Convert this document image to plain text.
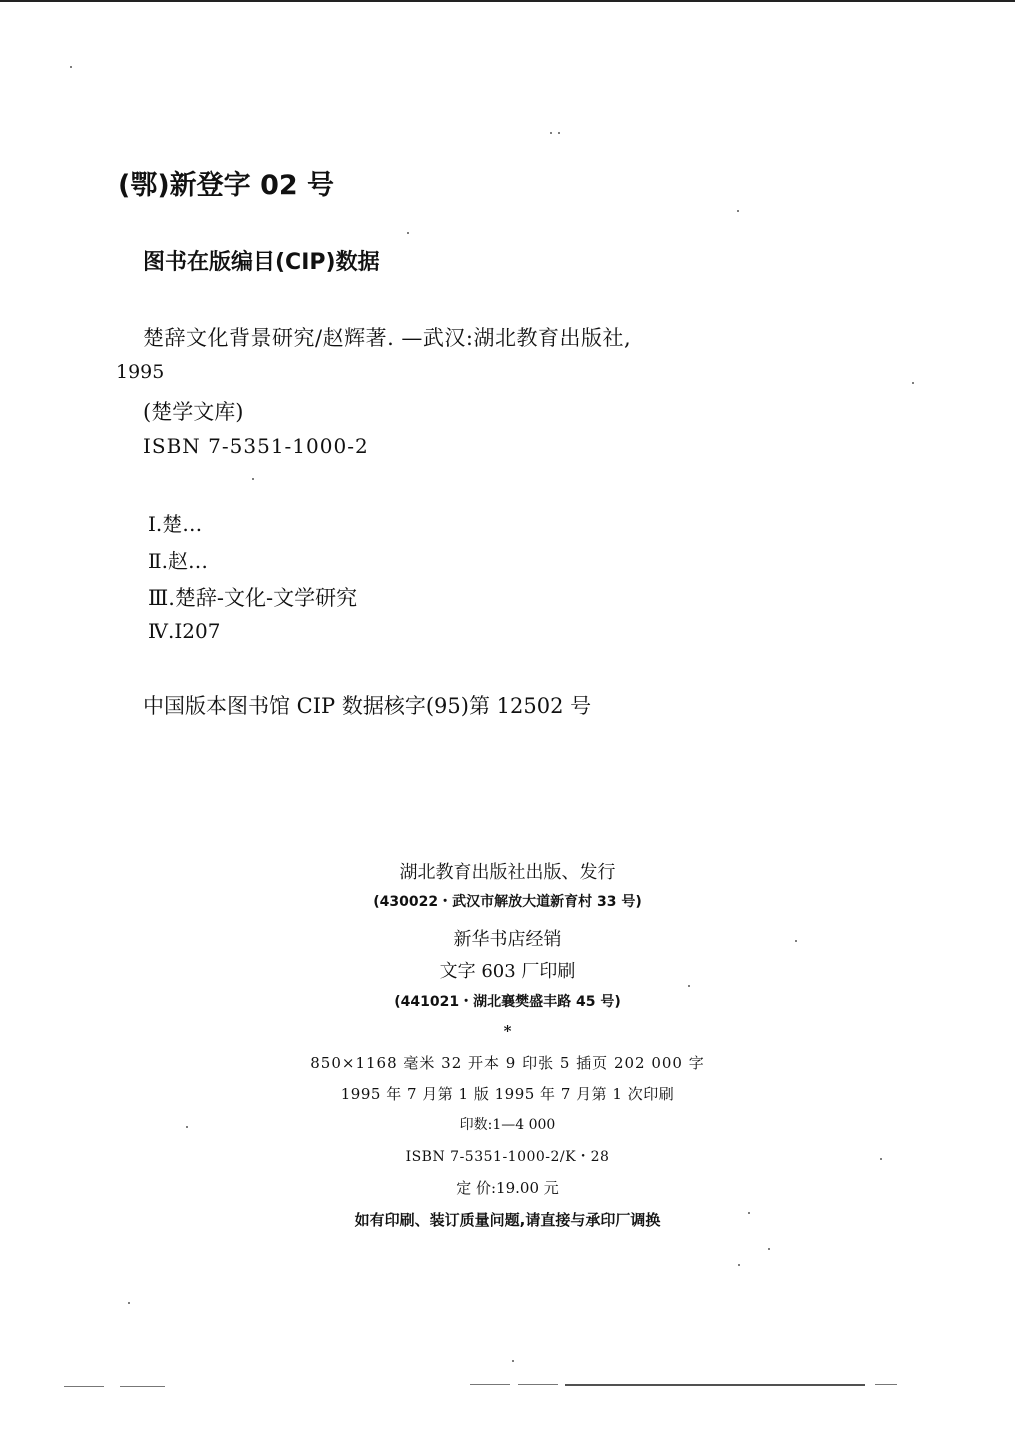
(鄂)新登字 02 号

图书在版编目(CIP)数据

楚辞文化背景研究/赵辉著. —武汉:湖北教育出版社,

1995

(楚学文库)

ISBN 7-5351-1000-2

Ⅰ.楚…

Ⅱ.赵…

Ⅲ.楚辞-文化-文学研究

Ⅳ.I207

中国版本图书馆 CIP 数据核字(95)第 12502 号

湖北教育出版社出版、发行

(430022・武汉市解放大道新育村 33 号)

新华书店经销

文字 603 厂印刷

(441021・湖北襄樊盛丰路 45 号)

*

850×1168 毫米 32 开本 9 印张 5 插页 202 000 字

1995 年 7 月第 1 版 1995 年 7 月第 1 次印刷

印数:1—4 000

ISBN 7-5351-1000-2/K・28

定 价:19.00 元

如有印刷、装订质量问题,请直接与承印厂调换
